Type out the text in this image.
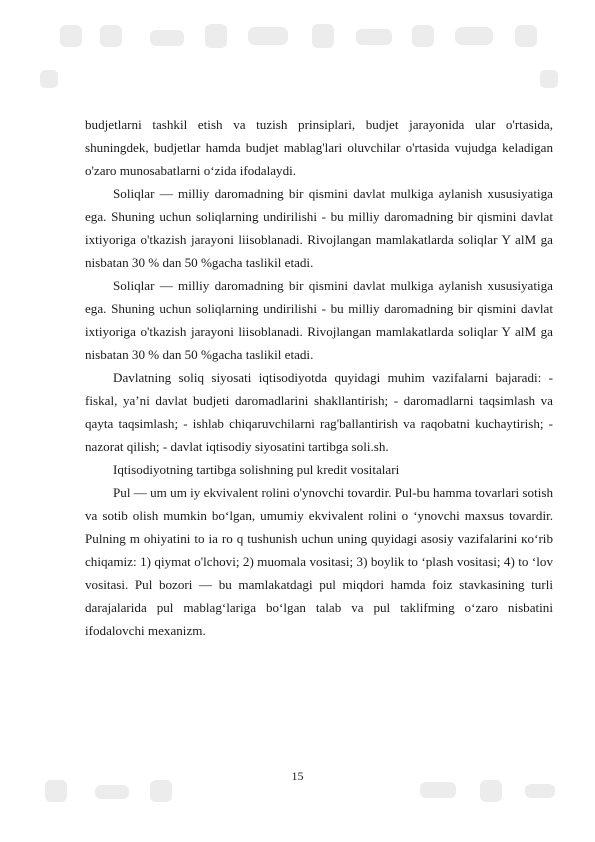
budjetlarni tashkil etish va tuzish prinsiplari, budjet jarayonida ular o'rtasida, shuningdek, budjetlar hamda budjet mablag'lari oluvchilar o'rtasida vujudga keladigan o'zaro munosabatlarni o‘zida ifodalaydi.

Soliqlar — milliy daromadning bir qismini davlat mulkiga aylanish xususiyatiga ega. Shuning uchun soliqlarning undirilishi - bu milliy daromadning bir qismini davlat ixtiyoriga o'tkazish jarayoni liisoblanadi. Rivojlangan mamlakatlarda soliqlar Y alM ga nisbatan 30 % dan 50 %gacha taslikil etadi.

Soliqlar — milliy daromadning bir qismini davlat mulkiga aylanish xususiyatiga ega. Shuning uchun soliqlarning undirilishi - bu milliy daromadning bir qismini davlat ixtiyoriga o'tkazish jarayoni liisoblanadi. Rivojlangan mamlakatlarda soliqlar Y alM ga nisbatan 30 % dan 50 %gacha taslikil etadi.

Davlatning soliq siyosati iqtisodiyotda quyidagi muhim vazifalarni bajaradi: - fiskal, ya’ni davlat budjeti daromadlarini shakllantirish; - daromadlarni taqsimlash va qayta taqsimlash; - ishlab chiqaruvchilarni rag'ballantirish va raqobatni kuchaytirish; - nazorat qilish; - davlat iqtisodiy siyosatini tartibga soli.sh.

Iqtisodiyotning tartibga solishning pul kredit vositalari

Pul — um um iy ekvivalent rolini o'ynovchi tovardir. Pul-bu hamma tovarlari sotish va sotib olish mumkin bo‘lgan, umumiy ekvivalent rolini o ‘ynovchi maxsus tovardir. Pulning m ohiyatini to ia ro q tushunish uchun uning quyidagi asosiy vazifalarini кo‘rib chiqamiz: 1) qiymat o'lchovi; 2) muomala vositasi; 3) boylik to ‘plash vositasi; 4) to ‘lov vositasi. Pul bozori — bu mamlakatdagi pul miqdori hamda foiz stavkasining turli darajalarida pul mablag‘lariga bo‘lgan talab va pul taklifming o‘zaro nisbatini ifodalovchi mexanizm.

15
